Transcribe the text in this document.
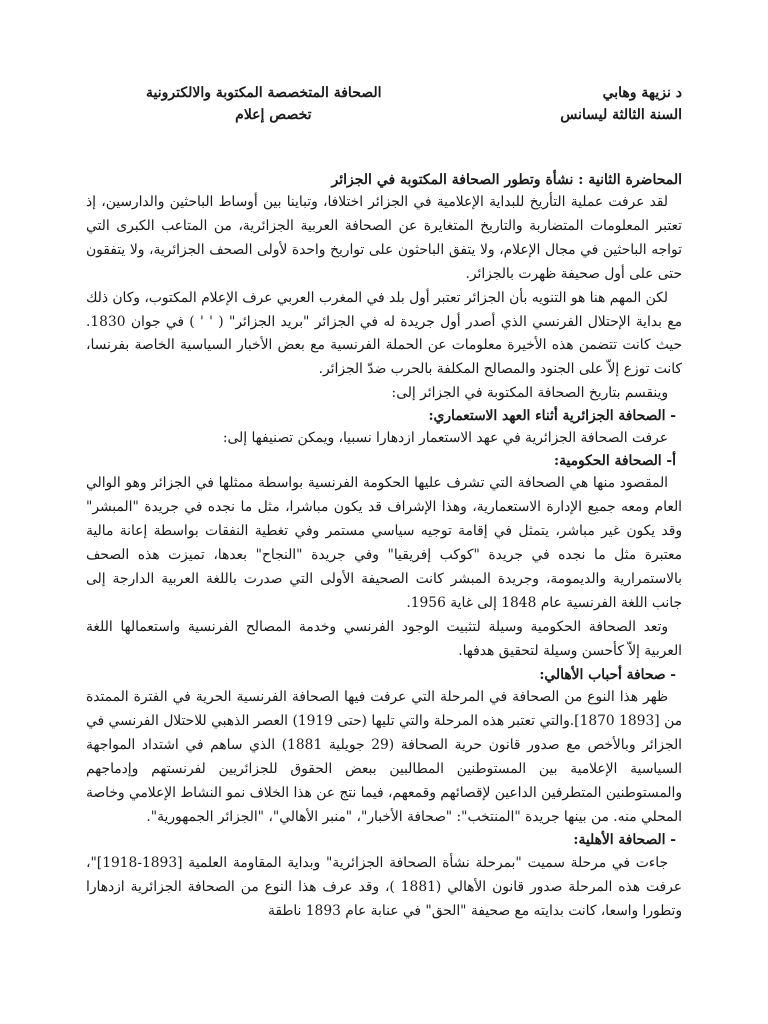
د نزيهة وهابي
السنة الثالثة ليسانس
الصحافة المتخصصة المكتوبة والالكترونية
تخصص إعلام
المحاضرة الثانية : نشأة وتطور الصحافة المكتوبة في الجزائر

لقد عرفت عملية التأريخ للبداية الإعلامية في الجزائر اختلافا، وتباينا بين أوساط الباحثين والدارسين، إذ تعتبر المعلومات المتضاربة والتاريخ المتغايرة عن الصحافة العربية الجزائرية، من المتاعب الكبرى التي تواجه الباحثين في مجال الإعلام، ولا يتفق الباحثون على تواريخ واحدة لأولى الصحف الجزائرية، ولا يتفقون حتى على أول صحيفة ظهرت بالجزائر.

لكن المهم هنا هو التنويه بأن الجزائر تعتبر أول بلد في المغرب العربي عرف الإعلام المكتوب، وكان ذلك مع بداية الإحتلال الفرنسي الذي أصدر أول جريدة له في الجزائر "بريد الجزائر" ( ' ' ) في جوان 1830. حيث كانت تتضمن هذه الأخيرة معلومات عن الحملة الفرنسية مع بعض الأخبار السياسية الخاصة بفرنسا، كانت توزع إلاّ على الجنود والمصالح المكلفة بالحرب ضدّ الجزائر.

وينقسم بتاريخ الصحافة المكتوبة في الجزائر إلى:
- الصحافة الجزائرية أثناء العهد الاستعماري:
عرفت الصحافة الجزائرية في عهد الاستعمار ازدهارا نسبيا، ويمكن تصنيفها إلى:
أ- الصحافة الحكومية:

المقصود منها هي الصحافة التي تشرف عليها الحكومة الفرنسية بواسطة ممثلها في الجزائر وهو الوالي العام ومعه جميع الإدارة الاستعمارية، وهذا الإشراف قد يكون مباشرا، مثل ما نجده في جريدة "المبشر" وقد يكون غير مباشر، يتمثل في إقامة توجيه سياسي مستمر وفي تغطية النفقات بواسطة إعانة مالية معتبرة مثل ما نجده في جريدة "كوكب إفريقيا" وفي جريدة "النجاح" بعدها، تميزت هذه الصحف بالاستمرارية والديمومة، وجريدة المبشر كانت الصحيفة الأولى التي صدرت باللغة العربية الدارجة إلى جانب اللغة الفرنسية عام 1848 إلى غاية 1956.

وتعد الصحافة الحكومية وسيلة لتثبيت الوجود الفرنسي وخدمة المصالح الفرنسية واستعمالها اللغة العربية إلاّ كأحسن وسيلة لتحقيق هدفها.

- صحافة أحباب الأهالي:

ظهر هذا النوع من الصحافة في المرحلة التي عرفت فيها الصحافة الفرنسية الحرية في الفترة الممتدة من [1893 1870].والتي تعتبر هذه المرحلة والتي تليها (حتى 1919) العصر الذهبي للاحتلال الفرنسي في الجزائر وبالأخص مع صدور قانون حرية الصحافة (29 جويلية 1881) الذي ساهم في اشتداد المواجهة السياسية الإعلامية بين المستوطنين المطالبين ببعض الحقوق للجزائريين لفرنستهم وإدماجهم والمستوطنين المتطرفين الداعين لإقصائهم وقمعهم، فيما نتج عن هذا الخلاف نمو النشاط الإعلامي وخاصة المحلي منه. من بينها جريدة "المنتخب": "صحافة الأخبار"، "منبر الأهالي"، "الجزائر الجمهورية".

- الصحافة الأهلية:

جاءت في مرحلة سميت "بمرحلة نشأة الصحافة الجزائرية" وبداية المقاومة العلمية [1893-1918]"، عرفت هذه المرحلة صدور قانون الأهالي (1881 )، وقد عرف هذا النوع من الصحافة الجزائرية ازدهارا وتطورا واسعا، كانت بدايته مع صحيفة "الحق" في عنابة عام 1893 ناطقة
